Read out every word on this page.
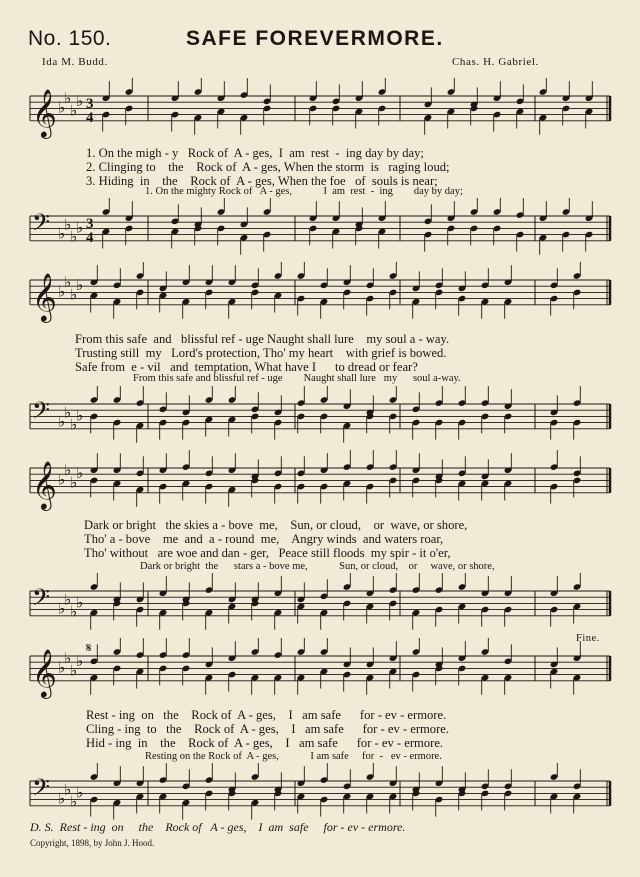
No. 150.	SAFE FOREVERMORE.
Ida M. Budd.	Chas. H. Gabriel.
𝄞 ♭
♭
♭
♭ 3
4
1. On the migh - y   Rock of  A - ges,  I  am  rest  -  ing day by day;
2. Clinging to    the    Rock of  A - ges, When the storm  is   raging loud;
3. Hiding  in    the    Rock of  A - ges, When the foe   of  souls is near;
1. On the mighty Rock of   A - ges,            I  am  rest  -  ing        day by day;
𝄢 ♭
♭
♭
♭ 3
4
𝄞 ♭
♭
♭
♭
From this safe  and   blissful ref - uge Naught shall lure    my soul a - way.
Trusting still  my   Lord's protection, Tho' my heart    with grief is bowed.
Safe from  e - vil   and  temptation, What have I      to dread or fear?
From this safe and blissful ref - uge        Naught shall lure   my      soul a-way.
𝄢 ♭
♭
♭
♭
𝄞 ♭
♭
♭
♭
Dark or bright   the skies a - bove  me,    Sun, or cloud,    or  wave, or shore,
Tho' a - bove    me  and  a - round  me,    Angry winds  and waters roar,
Tho' without   are woe and dan - ger,   Peace still floods  my spir - it o'er,
Dark or bright  the      stars a - bove me,            Sun, or cloud,    or     wave, or shore,
𝄢 ♭
♭
♭
♭
Fine.
𝄞 ♭
♭
♭
♭
𝄋
Rest - ing  on   the    Rock of  A - ges,    I   am safe      for - ev - ermore.
Cling - ing  to   the    Rock of  A - ges,    I   am safe      for - ev - ermore.
Hid - ing  in    the    Rock of  A - ges,    I   am safe      for - ev - ermore.
Resting on the Rock of  A - ges,            I am safe     for  -   ev - ermore.
𝄢 ♭
♭
♭
♭
D. S.  Rest - ing  on     the    Rock of   A - ges,    I  am  safe     for - ev - ermore.
Copyright, 1898, by John J. Hood.
